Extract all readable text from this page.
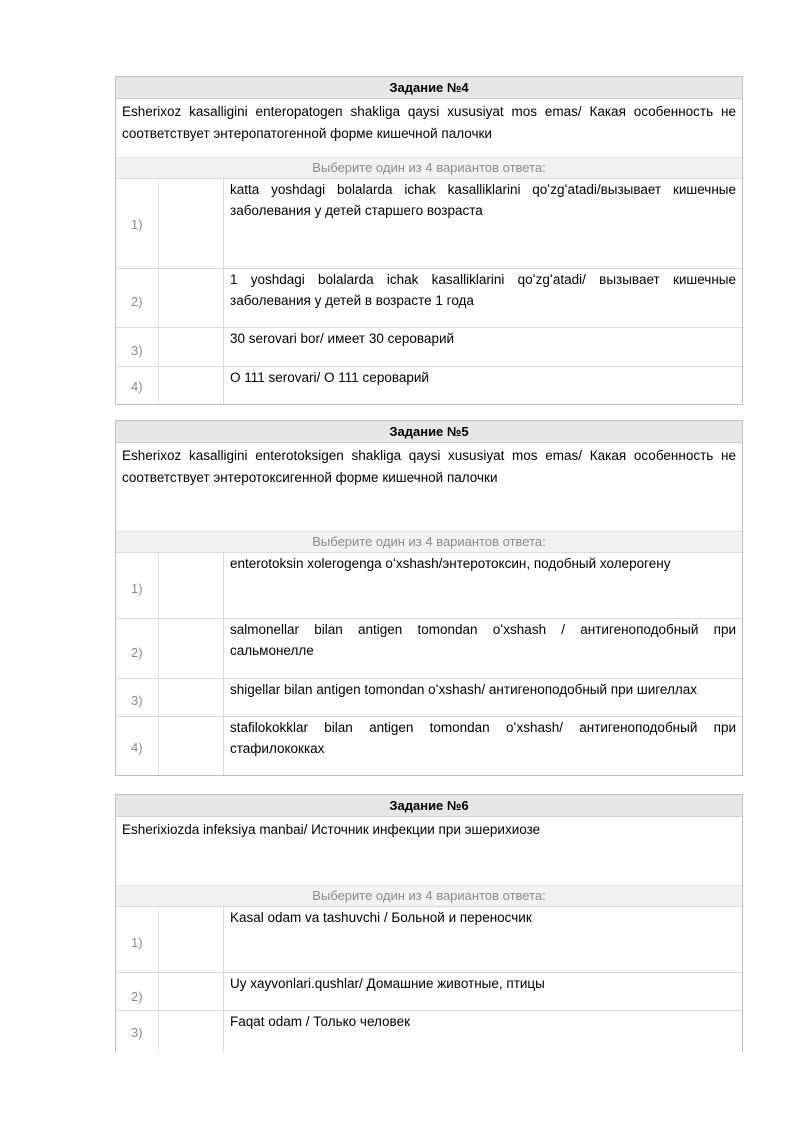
Задание №4
Esherixoz kasalligini enteropatogen shakliga qaysi xususiyat mos emas/ Какая особенность не соответствует энтеропатогенной форме кишечной палочки
Выберите один из 4 вариантов ответа:
1)
katta yoshdagi bolalarda ichak kasalliklarini qoʻzgʻatadi/вызывает кишечные заболевания у детей старшего возраста
2)
1 yoshdagi bolalarda ichak kasalliklarini qoʻzgʻatadi/ вызывает кишечные заболевания у детей в возрасте 1 года
3)
30 serovari bor/ имеет 30 сероварий
4)
O 111 serovari/ O 111 сероварий
Задание №5
Esherixoz kasalligini enterotoksigen shakliga qaysi xususiyat mos emas/ Какая особенность не соответствует энтеротоксигенной форме кишечной палочки
Выберите один из 4 вариантов ответа:
1)
enterotoksin xolerogenga oʻxshash/энтеротоксин, подобный холерогену
2)
salmonellar bilan antigen tomondan oʻxshash / антигеноподобный при сальмонелле
3)
shigellar bilan antigen tomondan oʻxshash/ антигеноподобный при шигеллах
4)
stafilokokklar bilan antigen tomondan oʻxshash/ антигеноподобный при стафилококках
Задание №6
Esherixiozda infeksiya manbai/ Источник инфекции при эшерихиозе
Выберите один из 4 вариантов ответа:
1)
Kasal odam va tashuvchi / Больной и переносчик
2)
Uy xayvonlari.qushlar/ Домашние животные, птицы
3)
Faqat odam / Только человек
